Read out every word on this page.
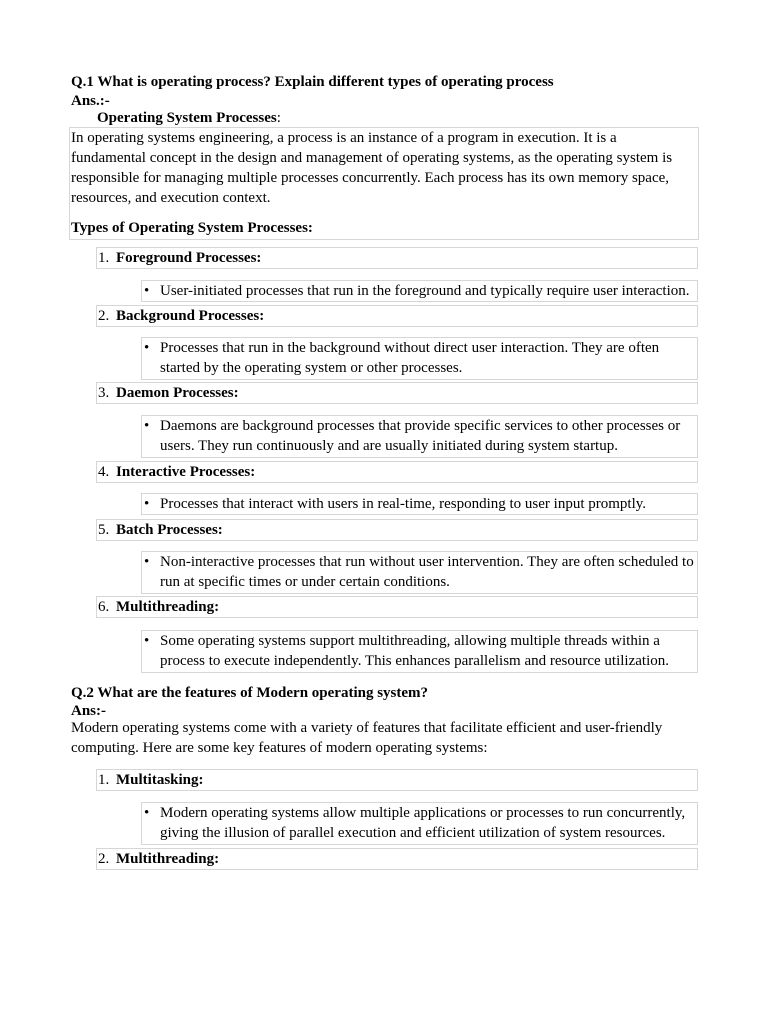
Q.1 What is operating process? Explain different types of operating process
Ans.:-
Operating System Processes:
In operating systems engineering, a process is an instance of a program in execution. It is a
fundamental concept in the design and management of operating systems, as the operating system is
responsible for managing multiple processes concurrently. Each process has its own memory space,
resources, and execution context.
Types of Operating System Processes:
1. Foreground Processes:
• User-initiated processes that run in the foreground and typically require user interaction.
2. Background Processes:
• Processes that run in the background without direct user interaction. They are often
started by the operating system or other processes.
3. Daemon Processes:
• Daemons are background processes that provide specific services to other processes or
users. They run continuously and are usually initiated during system startup.
4. Interactive Processes:
• Processes that interact with users in real-time, responding to user input promptly.
5. Batch Processes:
• Non-interactive processes that run without user intervention. They are often scheduled to
run at specific times or under certain conditions.
6. Multithreading:
• Some operating systems support multithreading, allowing multiple threads within a
process to execute independently. This enhances parallelism and resource utilization.
Q.2 What are the features of Modern operating system?
Ans:-
Modern operating systems come with a variety of features that facilitate efficient and user-friendly
computing. Here are some key features of modern operating systems:
1. Multitasking:
• Modern operating systems allow multiple applications or processes to run concurrently,
giving the illusion of parallel execution and efficient utilization of system resources.
2. Multithreading:
